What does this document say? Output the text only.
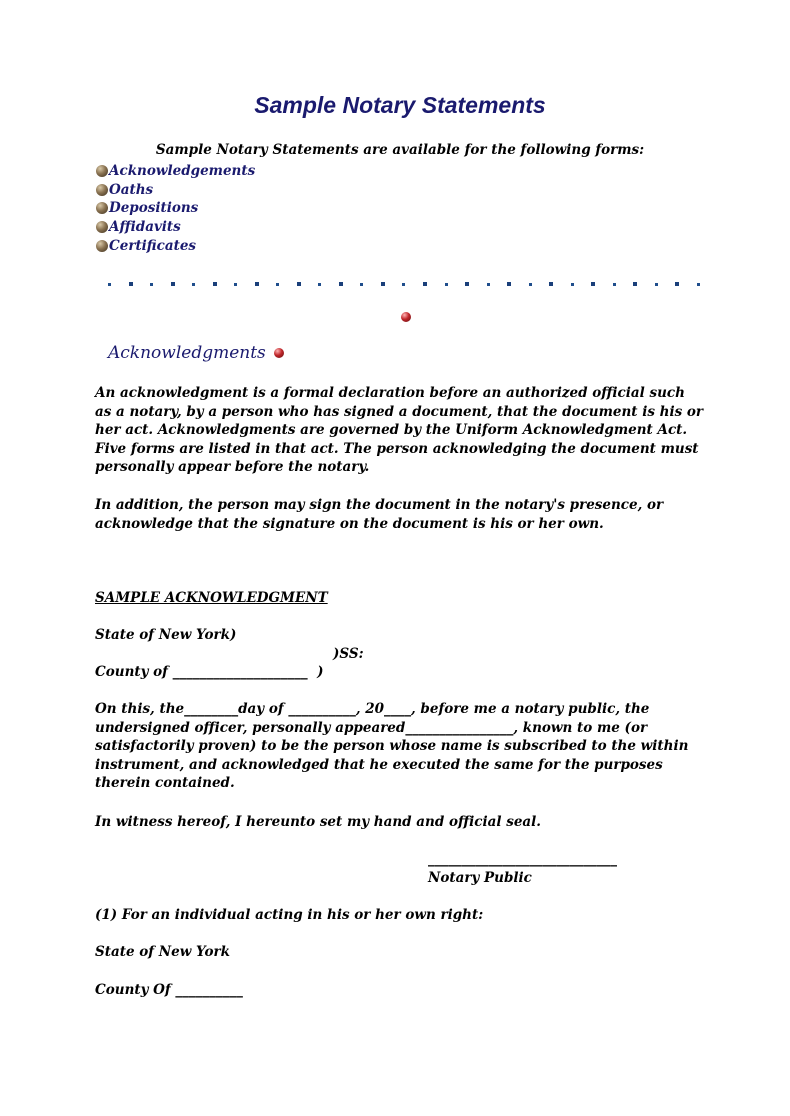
Sample Notary Statements
Sample Notary Statements are available for the following forms:
Acknowledgements
Oaths
Depositions
Affidavits
Certificates
Acknowledgments

An acknowledgment is a formal declaration before an authorized official such as a notary, by a person who has signed a document, that the document is his or her act. Acknowledgments are governed by the Uniform Acknowledgment Act. Five forms are listed in that act. The person acknowledging the document must personally appear before the notary.

In addition, the person may sign the document in the notary's presence, or acknowledge that the signature on the document is his or her own.

SAMPLE ACKNOWLEDGMENT
State of New York)
)SS:
County of ____________________  )

On this, the________day of __________, 20____, before me a notary public, the undersigned officer, personally appeared________________, known to me (or satisfactorily proven) to be the person whose name is subscribed to the within instrument, and acknowledged that he executed the same for the purposes therein contained.

In witness hereof, I hereunto set my hand and official seal.
____________________________
Notary Public
(1) For an individual acting in his or her own right:
State of New York
County Of __________
